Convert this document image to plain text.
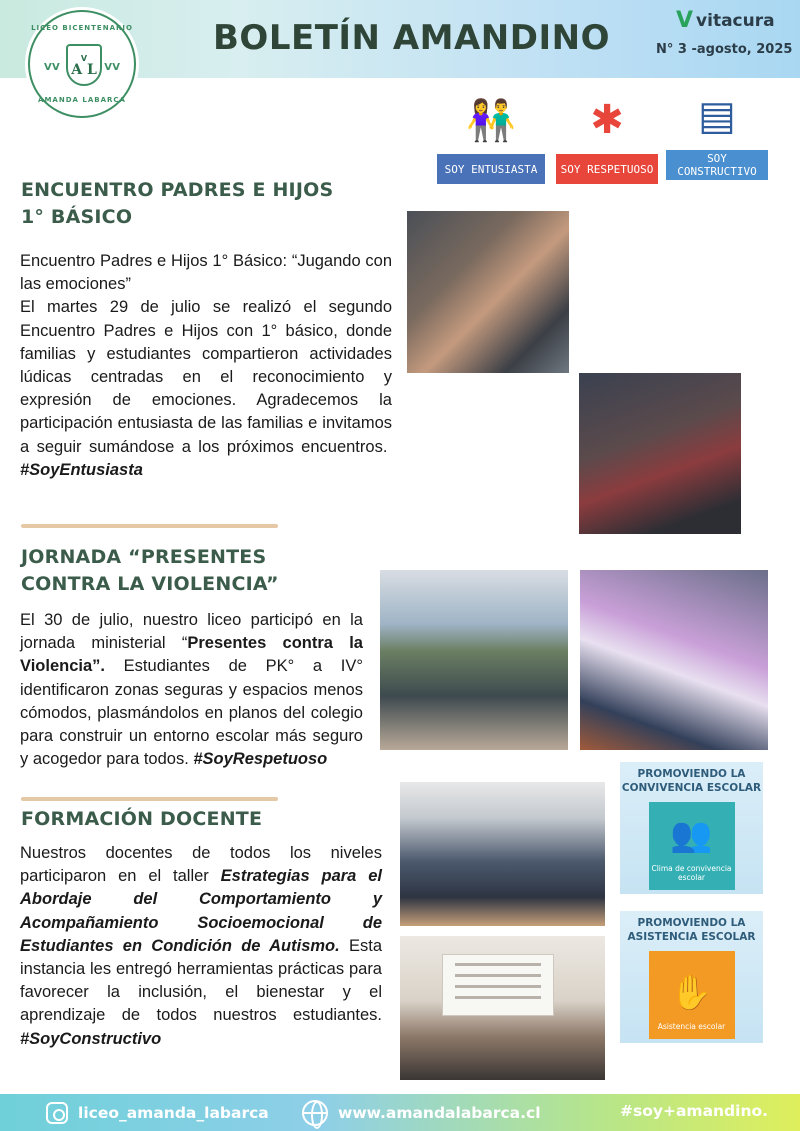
LICEO BICENTENARIO
V V
V
A L V V
AMANDA LABARCA
BOLETÍN AMANDINO	V vitacura
N° 3 -agosto, 2025
👫
SOY ENTUSIASTA
✱
SOY RESPETUOSO
▤
SOY CONSTRUCTIVO
ENCUENTRO PADRES E HIJOS
1° BÁSICO

Encuentro Padres e Hijos 1° Básico: “Jugando con las emociones”

El martes 29 de julio se realizó el segundo Encuentro Padres e Hijos con 1° básico, donde familias y estudiantes compartieron actividades lúdicas centradas en el reconocimiento y expresión de emociones. Agradecemos la participación entusiasta de las familias e invitamos a seguir sumándose a los próximos encuentros.  #SoyEntusiasta

JORNADA “PRESENTES
CONTRA LA VIOLENCIA”
El 30 de julio, nuestro liceo participó en la jornada ministerial “Presentes contra la Violencia”. Estudiantes de PK° a IV° identificaron zonas seguras y espacios menos cómodos, plasmándolos en planos del colegio para construir un entorno escolar más seguro y acogedor para todos. #SoyRespetuoso
FORMACIÓN DOCENTE
Nuestros docentes de todos los niveles participaron en el taller Estrategias para el Abordaje del Comportamiento y Acompañamiento Socioemocional de Estudiantes en Condición de Autismo. Esta instancia les entregó herramientas prácticas para favorecer la inclusión, el bienestar y el aprendizaje de todos nuestros estudiantes. #SoyConstructivo
PROMOVIENDO LA CONVIVENCIA ESCOLAR
👥
Clima de convivencia escolar
PROMOVIENDO LA ASISTENCIA ESCOLAR
✋
Asistencia escolar
liceo_amanda_labarca	www.amandalabarca.cl	#soy+amandino.
